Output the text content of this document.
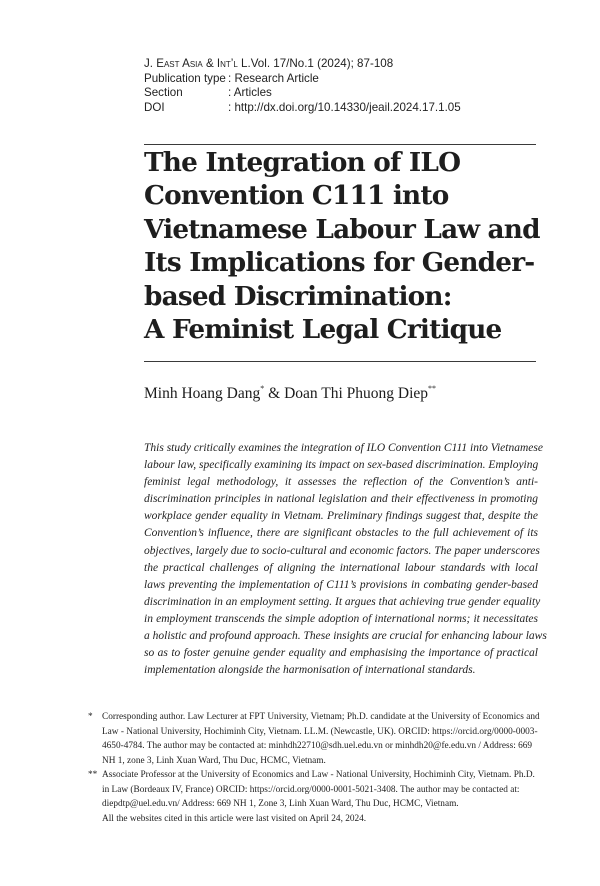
J. East Asia & Int’l L. Vol. 17/No.1 (2024); 87-108
Publication type : Research Article
Section	: Articles
DOI	: http://dx.doi.org/10.14330/jeail.2024.17.1.05
The Integration of ILO
Convention C111 into
Vietnamese Labour Law and
Its Implications for Gender-
based Discrimination:
A Feminist Legal Critique
Minh Hoang Dang* & Doan Thi Phuong Diep**

This study critically examines the integration of ILO Convention C111 into Vietnamese
labour law, specifically examining its impact on sex-based discrimination. Employing
feminist legal methodology, it assesses the reflection of the Convention’s anti-
discrimination principles in national legislation and their effectiveness in promoting
workplace gender equality in Vietnam. Preliminary findings suggest that, despite the
Convention’s influence, there are significant obstacles to the full achievement of its
objectives, largely due to socio-cultural and economic factors. The paper underscores
the practical challenges of aligning the international labour standards with local
laws preventing the implementation of C111’s provisions in combating gender-based
discrimination in an employment setting. It argues that achieving true gender equality
in employment transcends the simple adoption of international norms; it necessitates
a holistic and profound approach. These insights are crucial for enhancing labour laws
so as to foster genuine gender equality and emphasising the importance of practical
implementation alongside the harmonisation of international standards.

*	Corresponding author. Law Lecturer at FPT University, Vietnam; Ph.D. candidate at the University of Economics and
Law - National University, Hochiminh City, Vietnam. LL.M. (Newcastle, UK). ORCID: https://orcid.org/0000-0003-
4650-4784. The author may be contacted at: minhdh22710@sdh.uel.edu.vn or minhdh20@fe.edu.vn / Address: 669
NH 1, zone 3, Linh Xuan Ward, Thu Duc, HCMC, Vietnam.
** Associate Professor at the University of Economics and Law - National University, Hochiminh City, Vietnam. Ph.D.
in Law (Bordeaux IV, France) ORCID: https://orcid.org/0000-0001-5021-3408. The author may be contacted at:
diepdtp@uel.edu.vn/ Address: 669 NH 1, Zone 3, Linh Xuan Ward, Thu Duc, HCMC, Vietnam.
All the websites cited in this article were last visited on April 24, 2024.
